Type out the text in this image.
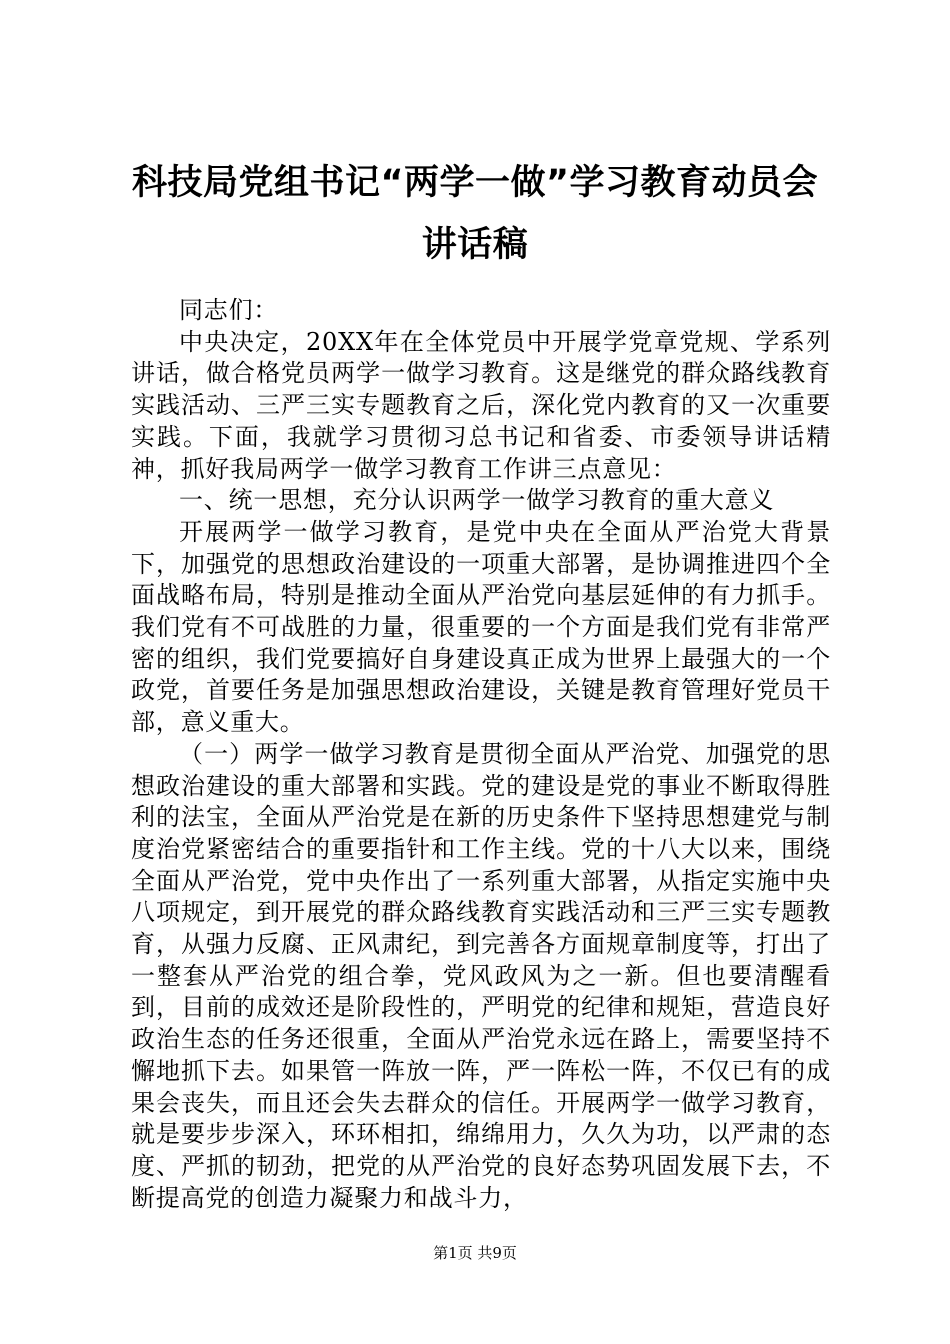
科技局党组书记“两学一做”学习教育动员会
讲话稿

同志们：

中央决定，20XX年在全体党员中开展学党章党规、学系列讲话，做合格党员两学一做学习教育。这是继党的群众路线教育实践活动、三严三实专题教育之后，深化党内教育的又一次重要实践。下面，我就学习贯彻习总书记和省委、市委领导讲话精神，抓好我局两学一做学习教育工作讲三点意见：

一、统一思想，充分认识两学一做学习教育的重大意义

开展两学一做学习教育，是党中央在全面从严治党大背景下，加强党的思想政治建设的一项重大部署，是协调推进四个全面战略布局，特别是推动全面从严治党向基层延伸的有力抓手。我们党有不可战胜的力量，很重要的一个方面是我们党有非常严密的组织，我们党要搞好自身建设真正成为世界上最强大的一个政党，首要任务是加强思想政治建设，关键是教育管理好党员干部，意义重大。

（一）两学一做学习教育是贯彻全面从严治党、加强党的思想政治建设的重大部署和实践。党的建设是党的事业不断取得胜利的法宝，全面从严治党是在新的历史条件下坚持思想建党与制度治党紧密结合的重要指针和工作主线。党的十八大以来，围绕全面从严治党，党中央作出了一系列重大部署，从指定实施中央八项规定，到开展党的群众路线教育实践活动和三严三实专题教育，从强力反腐、正风肃纪，到完善各方面规章制度等，打出了一整套从严治党的组合拳，党风政风为之一新。但也要清醒看到，目前的成效还是阶段性的，严明党的纪律和规矩，营造良好政治生态的任务还很重，全面从严治党永远在路上，需要坚持不懈地抓下去。如果管一阵放一阵，严一阵松一阵，不仅已有的成果会丧失，而且还会失去群众的信任。开展两学一做学习教育，就是要步步深入，环环相扣，绵绵用力，久久为功，以严肃的态度、严抓的韧劲，把党的从严治党的良好态势巩固发展下去，不断提高党的创造力凝聚力和战斗力，

第1页 共9页
